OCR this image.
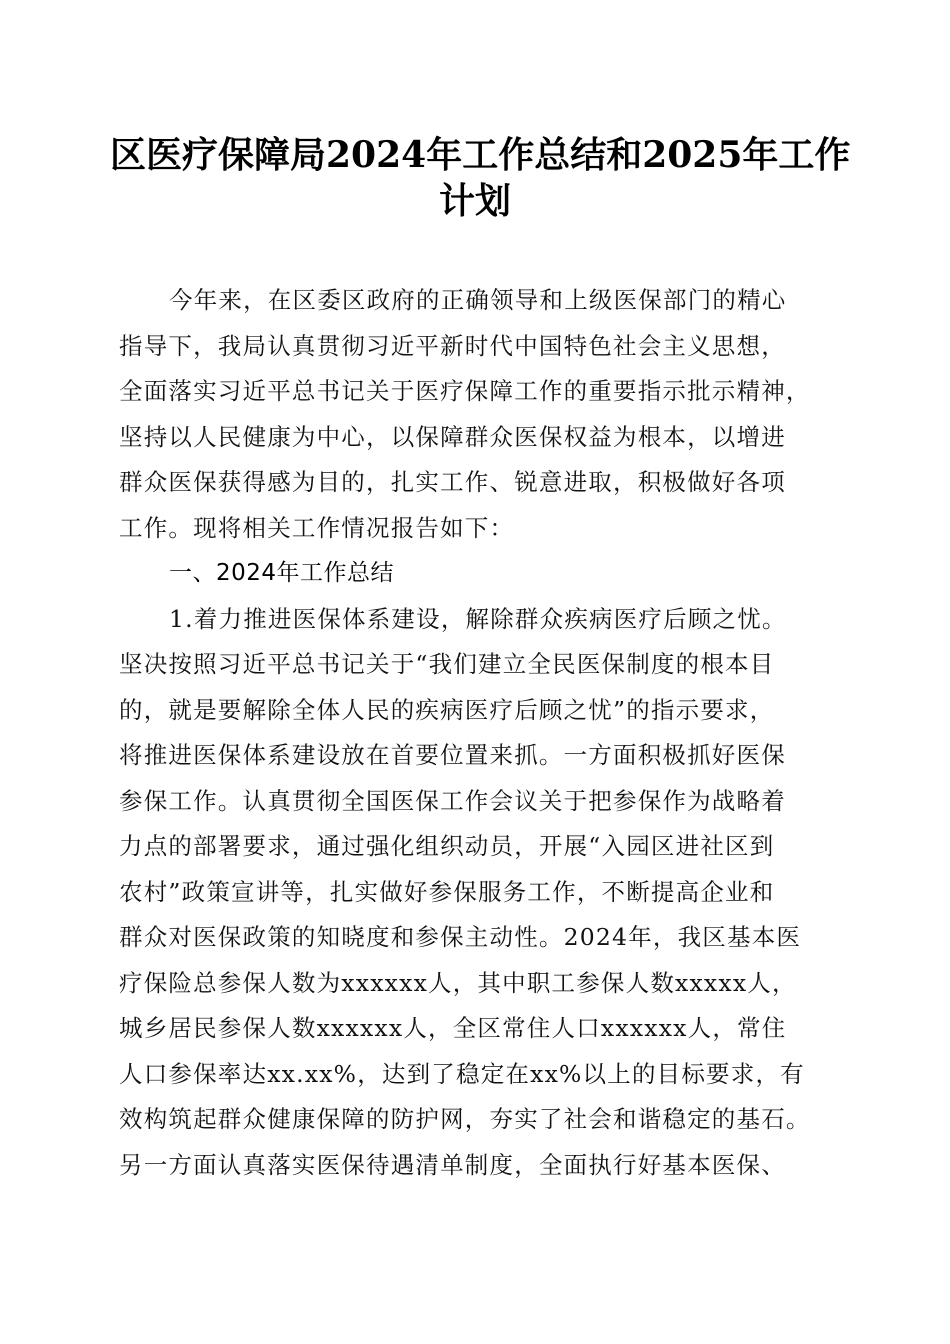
区医疗保障局2024年工作总结和2025年工作
计划
今年来，在区委区政府的正确领导和上级医保部门的精心
指导下，我局认真贯彻习近平新时代中国特色社会主义思想，
全面落实习近平总书记关于医疗保障工作的重要指示批示精神，
坚持以人民健康为中心，以保障群众医保权益为根本，以增进
群众医保获得感为目的，扎实工作、锐意进取，积极做好各项
工作。现将相关工作情况报告如下：
一、2024年工作总结
1.着力推进医保体系建设，解除群众疾病医疗后顾之忧。
坚决按照习近平总书记关于“我们建立全民医保制度的根本目
的，就是要解除全体人民的疾病医疗后顾之忧”的指示要求，
将推进医保体系建设放在首要位置来抓。一方面积极抓好医保
参保工作。认真贯彻全国医保工作会议关于把参保作为战略着
力点的部署要求，通过强化组织动员，开展“入园区进社区到
农村”政策宣讲等，扎实做好参保服务工作，不断提高企业和
群众对医保政策的知晓度和参保主动性。2024年，我区基本医
疗保险总参保人数为xxxxxx人，其中职工参保人数xxxxx人，
城乡居民参保人数xxxxxx人，全区常住人口xxxxxx人，常住
人口参保率达xx.xx%，达到了稳定在xx%以上的目标要求，有
效构筑起群众健康保障的防护网，夯实了社会和谐稳定的基石。
另一方面认真落实医保待遇清单制度，全面执行好基本医保、
